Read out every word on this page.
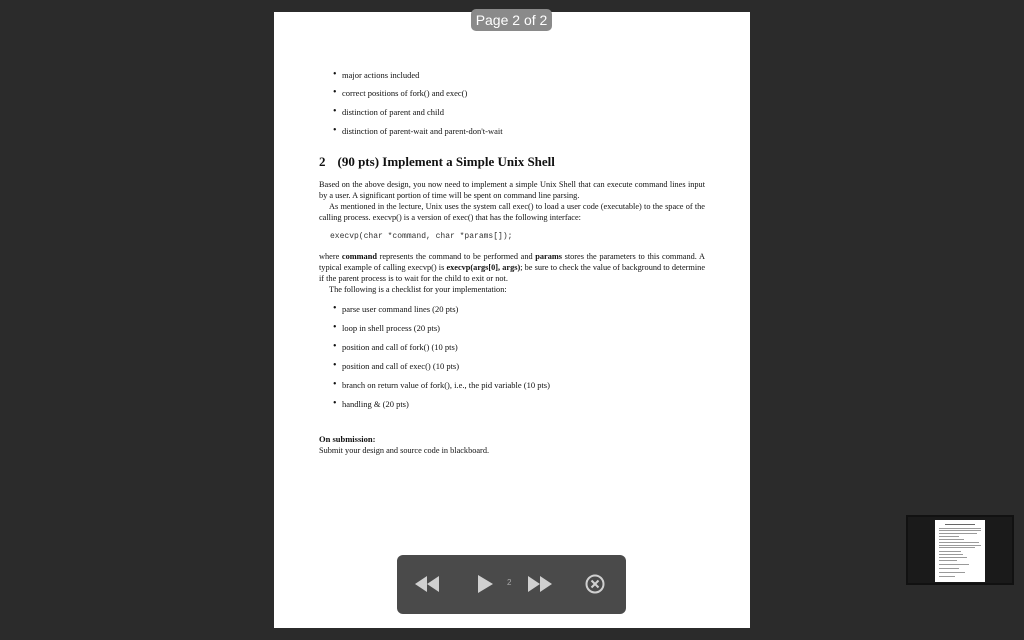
• major actions included
• correct positions of fork() and exec()
• distinction of parent and child
• distinction of parent-wait and parent-don't-wait
2 (90 pts) Implement a Simple Unix Shell
Based on the above design, you now need to implement a simple Unix Shell that can execute command lines input by a user. A significant portion of time will be spent on command line parsing.
As mentioned in the lecture, Unix uses the system call exec() to load a user code (executable) to the space of the calling process. execvp() is a version of exec() that has the following interface:
execvp(char *command, char *params[]);
where command represents the command to be performed and params stores the parameters to this command. A typical example of calling execvp() is execvp(args[0], args); be sure to check the value of background to determine if the parent process is to wait for the child to exit or not.
The following is a checklist for your implementation:
• parse user command lines (20 pts)
• loop in shell process (20 pts)
• position and call of fork() (10 pts)
• position and call of exec() (10 pts)
• branch on return value of fork(), i.e., the pid variable (10 pts)
• handling & (20 pts)
On submission:
Submit your design and source code in blackboard.
Page 2 of 2
2
